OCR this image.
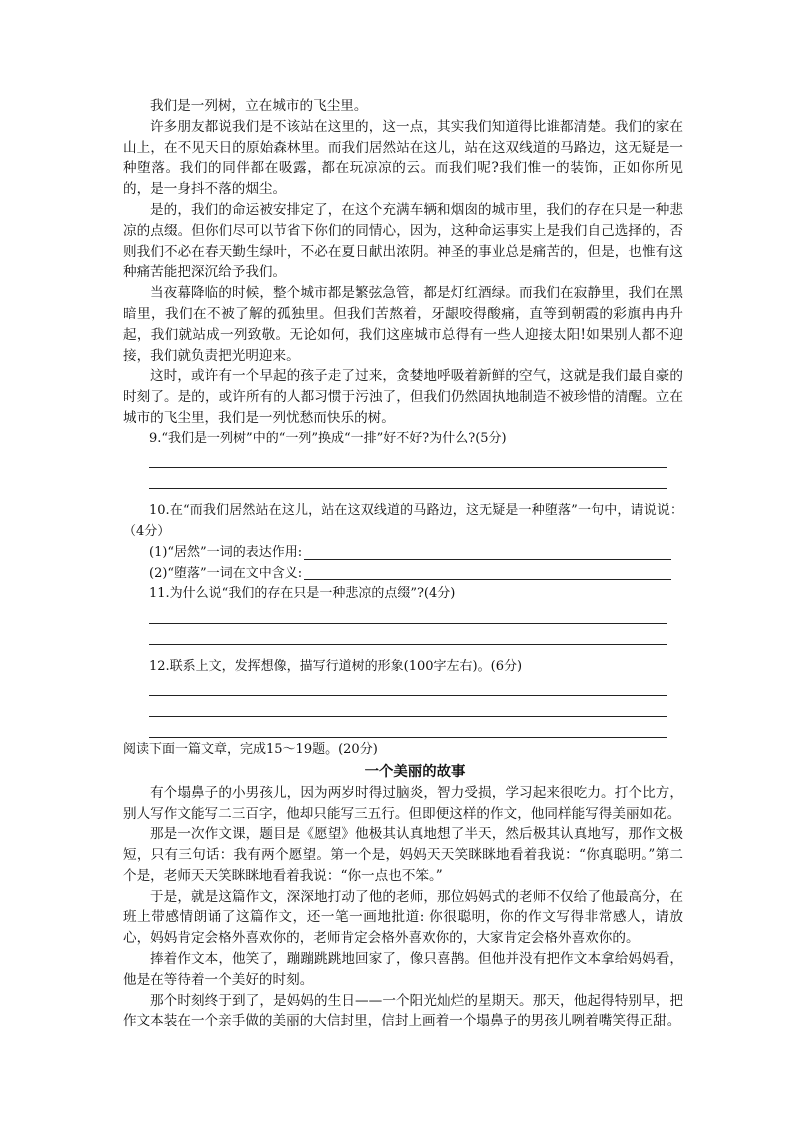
我们是一列树，立在城市的飞尘里。

许多朋友都说我们是不该站在这里的，这一点，其实我们知道得比谁都清楚。我们的家在山上，在不见天日的原始森林里。而我们居然站在这儿，站在这双线道的马路边，这无疑是一种堕落。我们的同伴都在吸露，都在玩凉凉的云。而我们呢?我们惟一的装饰，正如你所见的，是一身抖不落的烟尘。

是的，我们的命运被安排定了，在这个充满车辆和烟囱的城市里，我们的存在只是一种悲凉的点缀。但你们尽可以节省下你们的同情心，因为，这种命运事实上是我们自己选择的，否则我们不必在春天勤生绿叶，不必在夏日献出浓阴。神圣的事业总是痛苦的，但是，也惟有这种痛苦能把深沉给予我们。

当夜幕降临的时候，整个城市都是繁弦急管，都是灯红酒绿。而我们在寂静里，我们在黑暗里，我们在不被了解的孤独里。但我们苦熬着，牙龈咬得酸痛，直等到朝霞的彩旗冉冉升起，我们就站成一列致敬。无论如何，我们这座城市总得有一些人迎接太阳!如果别人都不迎接，我们就负责把光明迎来。

这时，或许有一个早起的孩子走了过来，贪婪地呼吸着新鲜的空气，这就是我们最自豪的时刻了。是的，或许所有的人都习惯于污浊了，但我们仍然固执地制造不被珍惜的清醒。立在城市的飞尘里，我们是一列忧愁而快乐的树。

9.“我们是一列树”中的“一列”换成“一排”好不好?为什么?(5分)

10.在“而我们居然站在这儿，站在这双线道的马路边，这无疑是一种堕落”一句中，请说说：（4分）

(1)“居然”一词的表达作用:
(2)“堕落”一词在文中含义:

11.为什么说“我们的存在只是一种悲凉的点缀”?(4分)

12.联系上文，发挥想像，描写行道树的形象(100字左右)。(6分)

阅读下面一篇文章，完成15～19题。(20分)

一个美丽的故事

有个塌鼻子的小男孩儿，因为两岁时得过脑炎，智力受损，学习起来很吃力。打个比方，别人写作文能写二三百字，他却只能写三五行。但即便这样的作文，他同样能写得美丽如花。

那是一次作文课，题目是《愿望》他极其认真地想了半天，然后极其认真地写，那作文极短，只有三句话：我有两个愿望。第一个是，妈妈天天笑眯眯地看着我说：“你真聪明。”第二个是，老师天天笑眯眯地看着我说：“你一点也不笨。”

于是，就是这篇作文，深深地打动了他的老师，那位妈妈式的老师不仅给了他最高分，在班上带感情朗诵了这篇作文，还一笔一画地批道: 你很聪明，你的作文写得非常感人，请放心，妈妈肯定会格外喜欢你的，老师肯定会格外喜欢你的，大家肯定会格外喜欢你的。

捧着作文本，他笑了，蹦蹦跳跳地回家了，像只喜鹊。但他并没有把作文本拿给妈妈看，他是在等待着一个美好的时刻。

那个时刻终于到了，是妈妈的生日——一个阳光灿烂的星期天。那天，他起得特别早，把作文本装在一个亲手做的美丽的大信封里，信封上画着一个塌鼻子的男孩儿咧着嘴笑得正甜。
